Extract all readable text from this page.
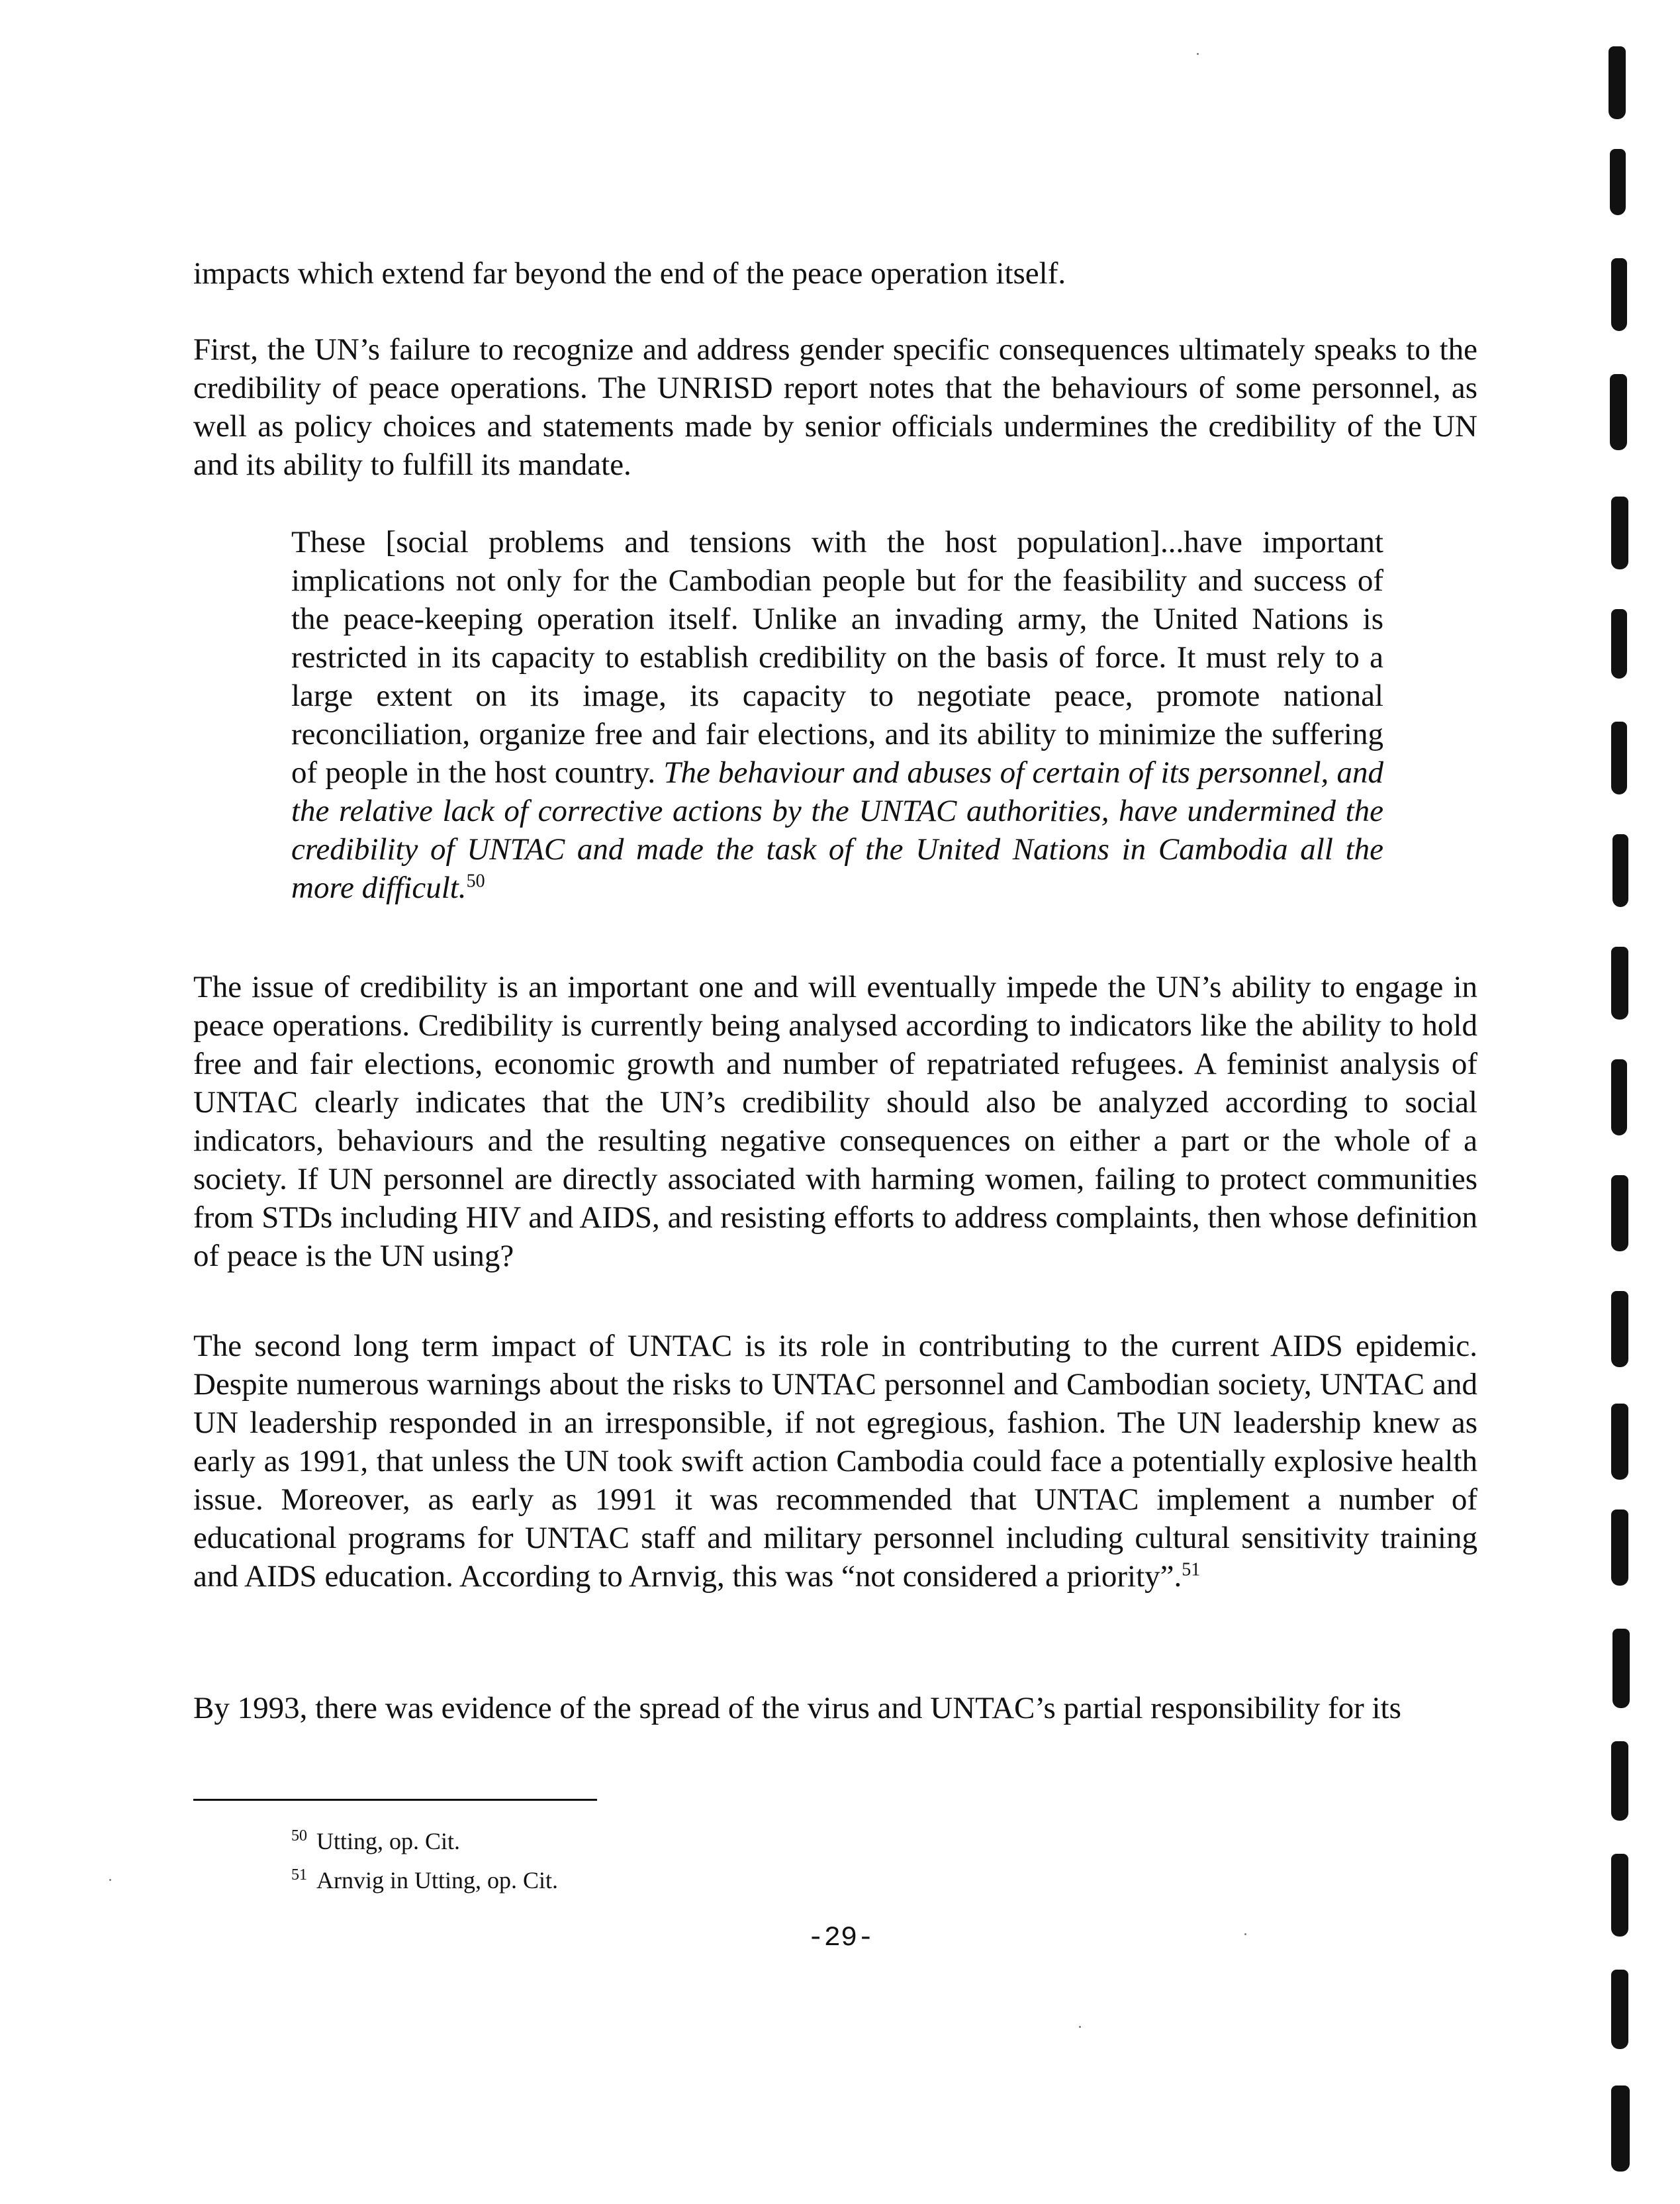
impacts which extend far beyond the end of the peace operation itself.

First, the UN’s failure to recognize and address gender specific consequences ultimately speaks to the credibility of peace operations. The UNRISD report notes that the behaviours of some personnel, as well as policy choices and statements made by senior officials undermines the credibility of the UN and its ability to fulfill its mandate.

These [social problems and tensions with the host population]...have important implications not only for the Cambodian people but for the feasibility and success of the peace-keeping operation itself. Unlike an invading army, the United Nations is restricted in its capacity to establish credibility on the basis of force. It must rely to a large extent on its image, its capacity to negotiate peace, promote national reconciliation, organize free and fair elections, and its ability to minimize the suffering of people in the host country. The behaviour and abuses of certain of its personnel, and the relative lack of corrective actions by the UNTAC authorities, have undermined the credibility of UNTAC and made the task of the United Nations in Cambodia all the more difficult.$^{50}$

The issue of credibility is an important one and will eventually impede the UN’s ability to engage in peace operations. Credibility is currently being analysed according to indicators like the ability to hold free and fair elections, economic growth and number of repatriated refugees. A feminist analysis of UNTAC clearly indicates that the UN’s credibility should also be analyzed according to social indicators, behaviours and the resulting negative consequences on either a part or the whole of a society. If UN personnel are directly associated with harming women, failing to protect communities from STDs including HIV and AIDS, and resisting efforts to address complaints, then whose definition of peace is the UN using?

The second long term impact of UNTAC is its role in contributing to the current AIDS epidemic. Despite numerous warnings about the risks to UNTAC personnel and Cambodian society, UNTAC and UN leadership responded in an irresponsible, if not egregious, fashion. The UN leadership knew as early as 1991, that unless the UN took swift action Cambodia could face a potentially explosive health issue. Moreover, as early as 1991 it was recommended that UNTAC implement a number of educational programs for UNTAC staff and military personnel including cultural sensitivity training and AIDS education. According to Arnvig, this was “not considered a priority”.$^{51}$

By 1993, there was evidence of the spread of the virus and UNTAC’s partial responsibility for its

$^{50}$ Utting, op. Cit.

$^{51}$ Arnvig in Utting, op. Cit.

-29-
